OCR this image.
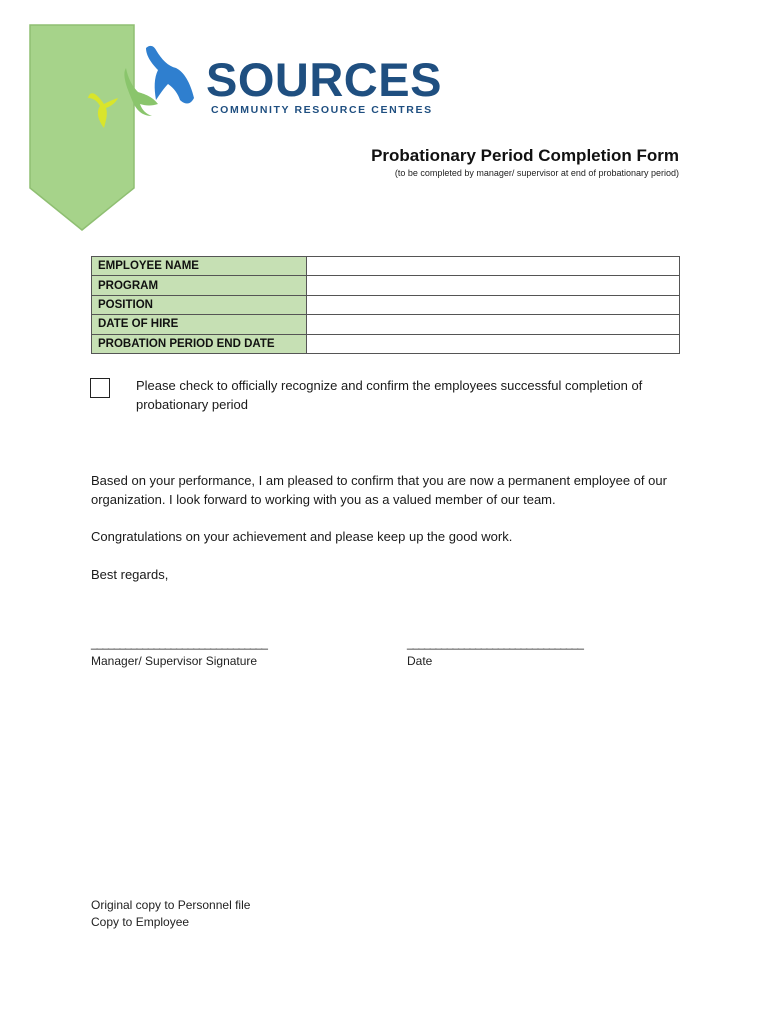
SOURCES
COMMUNITY RESOURCE CENTRES
Probationary Period Completion Form
(to be completed by manager/ supervisor at end of probationary period)
EMPLOYEE NAME	
PROGRAM	
POSITION	
DATE OF HIRE	
PROBATION PERIOD END DATE	
Please check to officially recognize and confirm the employees successful completion of probationary period
Based on your performance, I am pleased to confirm that you are now a permanent employee of our organization. I look forward to working with you as a valued member of our team.
Congratulations on your achievement and please keep up the good work.
Best regards,
_______________________________
Manager/ Supervisor Signature
_______________________________
Date
Original copy to Personnel file
Copy to Employee
